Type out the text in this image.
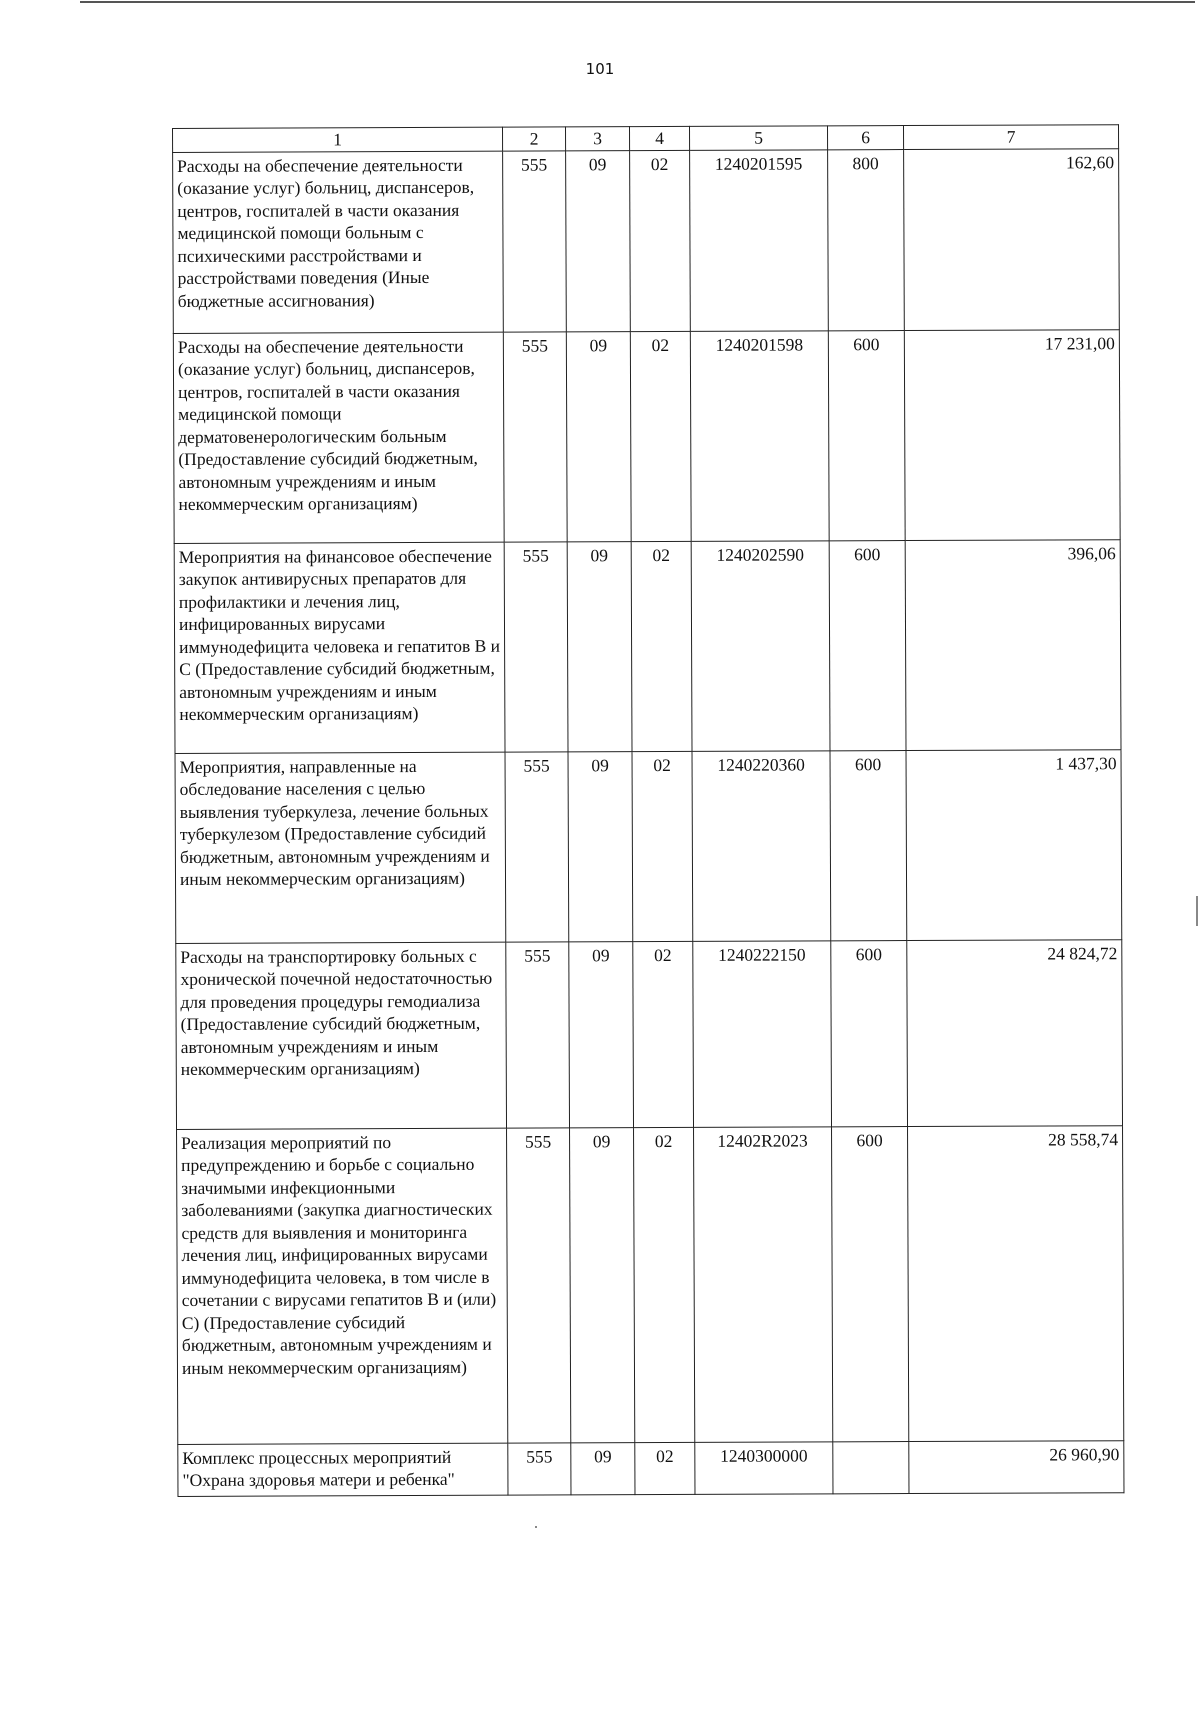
101
1	2	3	4	5	6	7
Расходы на обеспечение деятельности (оказание услуг) больниц, диспансеров, центров, госпиталей в части оказания медицинской помощи больным с психическими расстройствами и расстройствами поведения (Иные бюджетные ассигнования)	555	09	02	1240201595	800	162,60
Расходы на обеспечение деятельности (оказание услуг) больниц, диспансеров, центров, госпиталей в части оказания медицинской помощи дерматовенерологическим больным (Предоставление субсидий бюджетным, автономным учреждениям и иным некоммерческим организациям)	555	09	02	1240201598	600	17 231,00
Мероприятия на финансовое обеспечение закупок антивирусных препаратов для профилактики и лечения лиц, инфицированных вирусами иммунодефицита человека и гепатитов В и С (Предоставление субсидий бюджетным, автономным учреждениям и иным некоммерческим организациям)	555	09	02	1240202590	600	396,06
Мероприятия, направленные на обследование населения с целью выявления туберкулеза, лечение больных туберкулезом (Предоставление субсидий бюджетным, автономным учреждениям и иным некоммерческим организациям)	555	09	02	1240220360	600	1 437,30
Расходы на транспортировку больных с хронической почечной недостаточностью для проведения процедуры гемодиализа (Предоставление субсидий бюджетным, автономным учреждениям и иным некоммерческим организациям)	555	09	02	1240222150	600	24 824,72
Реализация мероприятий по предупреждению и борьбе с социально значимыми инфекционными заболеваниями (закупка диагностических средств для выявления и мониторинга лечения лиц, инфицированных вирусами иммунодефицита человека, в том числе в сочетании с вирусами гепатитов В и (или) С) (Предоставление субсидий бюджетным, автономным учреждениям и иным некоммерческим организациям)	555	09	02	12402R2023	600	28 558,74
Комплекс процессных мероприятий "Охрана здоровья матери и ребенка"	555	09	02	1240300000		26 960,90
